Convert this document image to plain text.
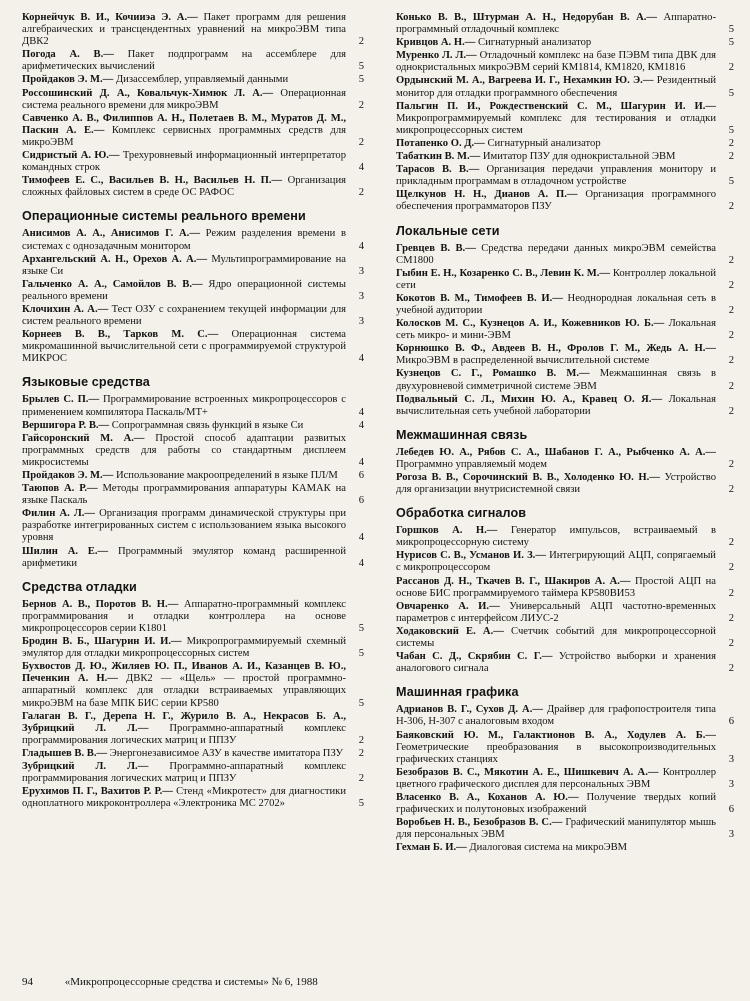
Корнейчук В. И., Кочииэа Э. А.— Пакет программ для решения алгебраических и трансцендентных уравнений на микроЭВМ типа ДВК2	2
Погода А. В.— Пакет подпрограмм на ассемблере для арифметических вычислений	5
Пройдаков Э. М.— Дизассемблер, управляемый данными	5
Россошинский Д. А., Ковальчук-Химюк Л. А.— Операционная система реального времени для микроЭВМ	2
Савченко А. В., Филиппов А. Н., Полетаев В. М., Муратов Д. М., Паскин А. Е.— Комплекс сервисных программных средств для микроЭВМ	2
Сидристый А. Ю.— Трехуровневый информационный интерпретатор командных строк	4
Тимофеев Е. С., Васильев В. Н., Васильев Н. П.— Организация сложных файловых систем в среде ОС РАФОС	2
Операционные системы реального времени
Анисимов А. А., Анисимов Г. А.— Режим разделения времени в системах с однозадачным монитором	4
Архангельский А. Н., Орехов А. А.— Мультипрограммирование на языке Си	3
Гальченко А. А., Самойлов В. В.— Ядро операционной системы реального времени	3
Клочихин А. А.— Тест ОЗУ с сохранением текущей информации для систем реального времени	3
Корнеев В. В., Тарков М. С.— Операционная система микромашинной вычислительной сети с программируемой структурой МИКРОС	4
Языковые средства
Брылев С. П.— Программирование встроенных микропроцессоров с применением компилятора Паскаль/МТ+	4
Вершигора Р. В.— Сопрограммная связь функций в языке Си	4
Гайсоронский М. А.— Простой способ адаптации развитых программных средств для работы со стандартным дисплеем микросистемы	4
Пройдаков Э. М.— Использование макроопределений в языке ПЛ/М	6
Таюпов А. Р.— Методы программирования аппаратуры КАМАК на языке Паскаль	6
Филин А. Л.— Организация программ динамической структуры при разработке интегрированных систем с использованием языка высокого уровня	4
Шилин А. Е.— Программный эмулятор команд расширенной арифметики	4
Средства отладки
Бернов А. В., Поротов В. Н.— Аппаратно-программный комплекс программирования и отладки контроллера на основе микропроцессоров серии К1801	5
Бродин В. Б., Шагурин И. И.— Микропрограммируемый схемный эмулятор для отладки микропроцессорных систем	5
Бухвостов Д. Ю., Жиляев Ю. П., Иванов А. И., Казанцев В. Ю., Печенкин А. Н.— ДВК2 — «Щель» — простой программно-аппаратный комплекс для отладки встраиваемых управляющих микроЭВМ на базе МПК БИС серии КР580	5
Галаган В. Г., Дерепа Н. Г., Журило В. А., Некрасов Б. А., Зубрицкий Л. Л.— Программно-аппаратный комплекс программирования логических матриц и ППЗУ	2
Гладышев В. В.— Энергонезависимое АЗУ в качестве имитатора ПЗУ	2
Зубрицкий Л. Л.— Программно-аппаратный комплекс программирования логических матриц и ППЗУ	2
Ерухимов П. Г., Вахитов Р. Р.— Стенд «Микротест» для диагностики одноплатного микроконтроллера «Электроника МС 2702»	5
Конько В. В., Штурман А. Н., Недорубан В. А.— Аппаратно-программный отладочный комплекс	5
Кривцов А. Н.— Сигнатурный анализатор	5
Муренко Л. Л.— Отладочный комплекс на базе ПЭВМ типа ДВК для однокристальных микроЭВМ серий КМ1814, КМ1820, КМ1816	2
Ордынский М. А., Вагреева И. Г., Нехамкин Ю. Э.— Резидентный монитор для отладки программного обеспечения	5
Пальгин П. И., Рождественский С. М., Шагурин И. И.— Микропрограммируемый комплекс для тестирования и отладки микропроцессорных систем	5
Потапенко О. Д.— Сигнатурный анализатор	2
Табаткин В. М.— Имитатор ПЗУ для однокристальной ЭВМ	2
Тарасов В. В.— Организация передачи управления монитору и прикладным программам в отладочном устройстве	5
Щелкунов Н. Н., Дианов А. П.— Организация программного обеспечения программаторов ПЗУ	2
Локальные сети
Гревцев В. В.— Средства передачи данных микроЭВМ семейства СМ1800	2
Гыбин Е. Н., Козаренко С. В., Левин К. М.— Контроллер локальной сети	2
Кокотов В. М., Тимофеев В. И.— Неоднородная локальная сеть в учебной аудитории	2
Колосков М. С., Кузнецов А. И., Кожевников Ю. Б.— Локальная сеть микро- и мини-ЭВМ	2
Корнюшко В. Ф., Авдеев В. Н., Фролов Г. М., Жедь А. Н.— МикроЭВМ в распределенной вычислительной системе	2
Кузнецов С. Г., Ромашко В. М.— Межмашинная связь в двухуровневой симметричной системе ЭВМ	2
Подвальный С. Л., Михин Ю. А., Кравец О. Я.— Локальная вычислительная сеть учебной лаборатории	2
Межмашинная связь
Лебедев Ю. А., Рябов С. А., Шабанов Г. А., Рыбченко А. А.— Программно управляемый модем	2
Рогоза В. В., Сорочинский В. В., Холоденко Ю. Н.— Устройство для организации внутрисистемной связи	2
Обработка сигналов
Горшков А. Н.— Генератор импульсов, встраиваемый в микропроцессорную систему	2
Нурисов С. В., Усманов И. З.— Интегрирующий АЦП, сопрягаемый с микропроцессором	2
Рассанов Д. Н., Ткачев В. Г., Шакиров А. А.— Простой АЦП на основе БИС программируемого таймера КР580ВИ53	2
Овчаренко А. И.— Универсальный АЦП частотно-временных параметров с интерфейсом ЛИУС-2	2
Ходаковский Е. А.— Счетчик событий для микропроцессорной системы	2
Чабан С. Д., Скрябин С. Г.— Устройство выборки и хранения аналогового сигнала	2
Машинная графика
Адрианов В. Г., Сухов Д. А.— Драйвер для графопостроителя типа Н-306, Н-307 с аналоговым входом	6
Баяковский Ю. М., Галактионов В. А., Ходулев А. Б.— Геометрические преобразования в высокопроизводительных графических станциях	3
Безобразов В. С., Мякотин А. Е., Шишкевич А. А.— Контроллер цветного графического дисплея для персональных ЭВМ	3
Власенко В. А., Коханов А. Ю.— Получение твердых копий графических и полутоновых изображений	6
Воробьев Н. В., Безобразов В. С.— Графический манипулятор мышь для персональных ЭВМ	3
Гехман Б. И.— Диалоговая система на микроЭВМ
94	«Микропроцессорные средства и системы» № 6, 1988
